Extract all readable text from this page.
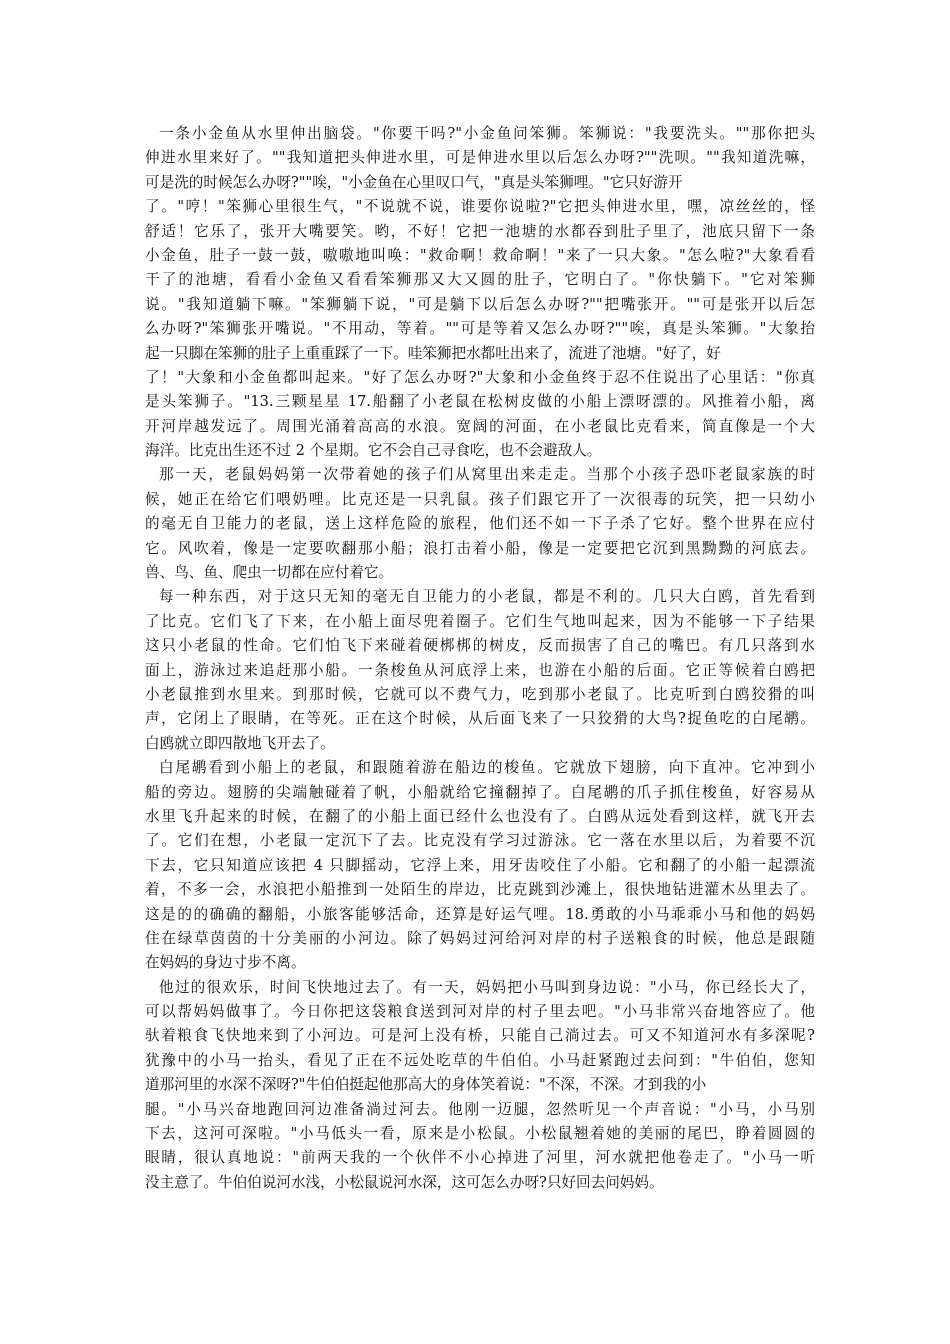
一条小金鱼从水里伸出脑袋。"你要干吗?"小金鱼问笨狮。笨狮说："我要洗头。""那你把头
伸进水里来好了。""我知道把头伸进水里，可是伸进水里以后怎么办呀?""洗呗。""我知道洗嘛，
可是洗的时候怎么办呀?""唉，"小金鱼在心里叹口气，"真是头笨狮哩。"它只好游开
了。"哼！"笨狮心里很生气，"不说就不说，谁要你说啦?"它把头伸进水里，嘿，凉丝丝的，怪
舒适！它乐了，张开大嘴要笑。哟，不好！它把一池塘的水都吞到肚子里了，池底只留下一条
小金鱼，肚子一鼓一鼓，嗷嗷地叫唤："救命啊！救命啊！"来了一只大象。"怎么啦?"大象看看
干了的池塘，看看小金鱼又看看笨狮那又大又圆的肚子，它明白了。"你快躺下。"它对笨狮
说。"我知道躺下嘛。"笨狮躺下说，"可是躺下以后怎么办呀?""把嘴张开。""可是张开以后怎
么办呀?"笨狮张开嘴说。"不用动，等着。""可是等着又怎么办呀?""唉，真是头笨狮。"大象抬
起一只脚在笨狮的肚子上重重踩了一下。哇笨狮把水都吐出来了，流进了池塘。"好了，好
了！"大象和小金鱼都叫起来。"好了怎么办呀?"大象和小金鱼终于忍不住说出了心里话："你真
是头笨狮子。"13.三颗星星 17.船翻了小老鼠在松树皮做的小船上漂呀漂的。风推着小船，离
开河岸越发远了。周围光涌着高高的水浪。宽阔的河面，在小老鼠比克看来，简直像是一个大
海洋。比克出生还不过 2 个星期。它不会自己寻食吃，也不会避敌人。
那一天，老鼠妈妈第一次带着她的孩子们从窝里出来走走。当那个小孩子恐吓老鼠家族的时
候，她正在给它们喂奶哩。比克还是一只乳鼠。孩子们跟它开了一次很毒的玩笑，把一只幼小
的毫无自卫能力的老鼠，送上这样危险的旅程，他们还不如一下子杀了它好。整个世界在应付
它。风吹着，像是一定要吹翻那小船；浪打击着小船，像是一定要把它沉到黑黝黝的河底去。
兽、鸟、鱼、爬虫一切都在应付着它。
每一种东西，对于这只无知的毫无自卫能力的小老鼠，都是不利的。几只大白鸥，首先看到
了比克。它们飞了下来，在小船上面尽兜着圈子。它们生气地叫起来，因为不能够一下子结果
这只小老鼠的性命。它们怕飞下来碰着硬梆梆的树皮，反而损害了自己的嘴巴。有几只落到水
面上，游泳过来追赶那小船。一条梭鱼从河底浮上来，也游在小船的后面。它正等候着白鸥把
小老鼠推到水里来。到那时候，它就可以不费气力，吃到那小老鼠了。比克听到白鸥狡猾的叫
声，它闭上了眼睛，在等死。正在这个时候，从后面飞来了一只狡猾的大鸟?捉鱼吃的白尾鹕。
白鸥就立即四散地飞开去了。
白尾鹕看到小船上的老鼠，和跟随着游在船边的梭鱼。它就放下翅膀，向下直冲。它冲到小
船的旁边。翅膀的尖端触碰着了帆，小船就给它撞翻掉了。白尾鹕的爪子抓住梭鱼，好容易从
水里飞升起来的时候，在翻了的小船上面已经什么也没有了。白鸥从远处看到这样，就飞开去
了。它们在想，小老鼠一定沉下了去。比克没有学习过游泳。它一落在水里以后，为着要不沉
下去，它只知道应该把 4 只脚摇动，它浮上来，用牙齿咬住了小船。它和翻了的小船一起漂流
着，不多一会，水浪把小船推到一处陌生的岸边，比克跳到沙滩上，很快地钻进灌木丛里去了。
这是的的确确的翻船，小旅客能够活命，还算是好运气哩。18.勇敢的小马乖乖小马和他的妈妈
住在绿草茵茵的十分美丽的小河边。除了妈妈过河给河对岸的村子送粮食的时候，他总是跟随
在妈妈的身边寸步不离。
他过的很欢乐，时间飞快地过去了。有一天，妈妈把小马叫到身边说："小马，你已经长大了，
可以帮妈妈做事了。今日你把这袋粮食送到河对岸的村子里去吧。"小马非常兴奋地答应了。他
驮着粮食飞快地来到了小河边。可是河上没有桥，只能自己淌过去。可又不知道河水有多深呢?
犹豫中的小马一抬头，看见了正在不远处吃草的牛伯伯。小马赶紧跑过去问到："牛伯伯，您知
道那河里的水深不深呀?"牛伯伯挺起他那高大的身体笑着说："不深，不深。才到我的小
腿。"小马兴奋地跑回河边准备淌过河去。他刚一迈腿，忽然听见一个声音说："小马，小马别
下去，这河可深啦。"小马低头一看，原来是小松鼠。小松鼠翘着她的美丽的尾巴，睁着圆圆的
眼睛，很认真地说："前两天我的一个伙伴不小心掉进了河里，河水就把他卷走了。"小马一听
没主意了。牛伯伯说河水浅，小松鼠说河水深，这可怎么办呀?只好回去问妈妈。
